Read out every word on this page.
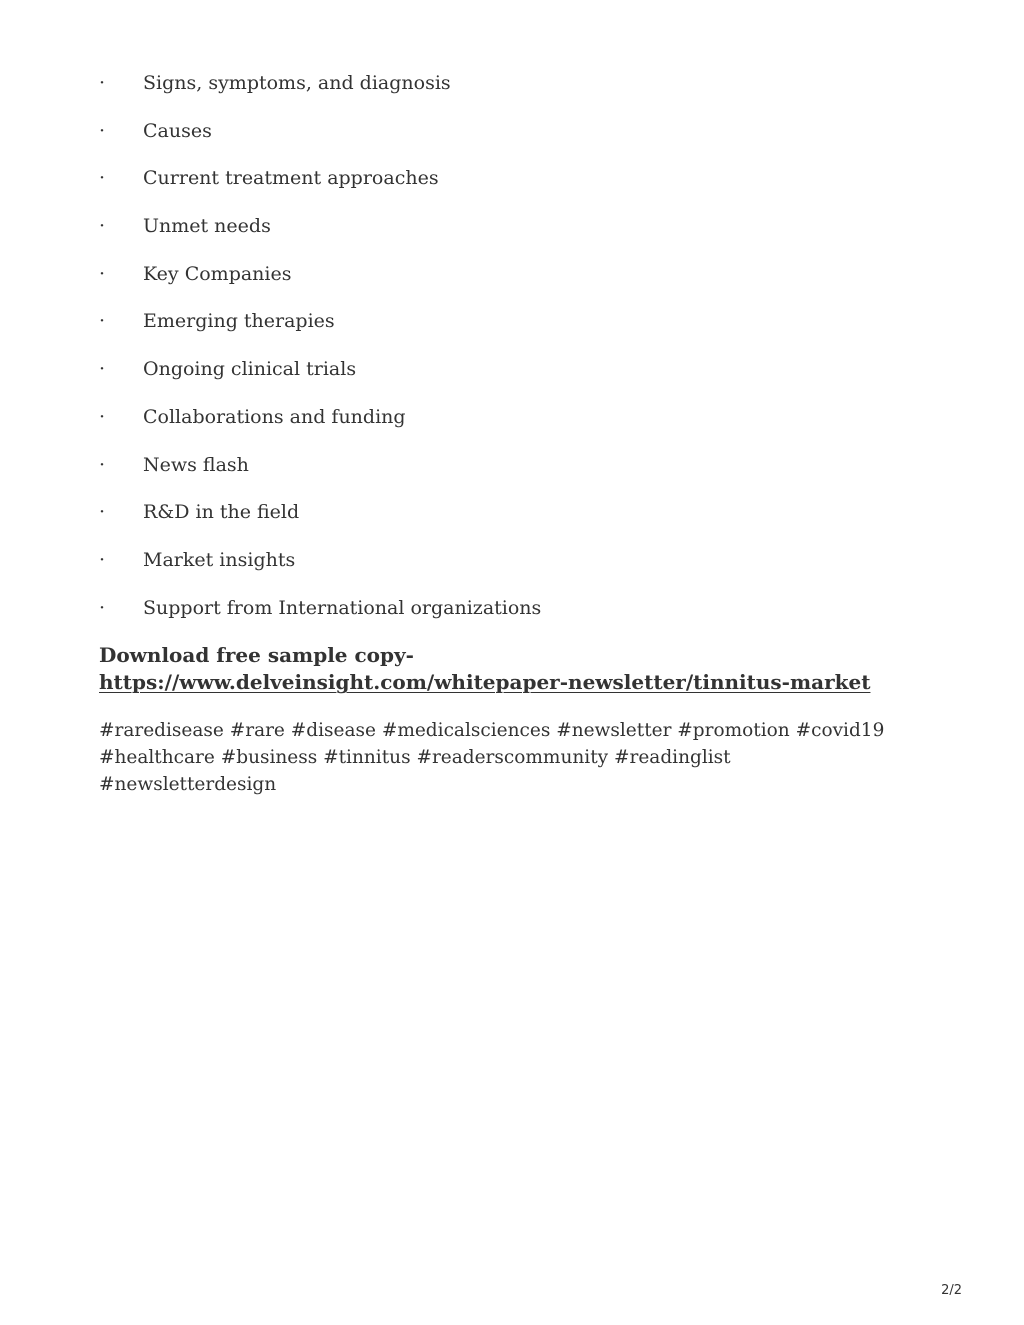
· Signs, symptoms, and diagnosis
· Causes
· Current treatment approaches
· Unmet needs
· Key Companies
· Emerging therapies
· Ongoing clinical trials
· Collaborations and funding
· News flash
· R&D in the field
· Market insights
· Support from International organizations

Download free sample copy- https://www.delveinsight.com/whitepaper-newsletter/tinnitus-market

#raredisease #rare #disease #medicalsciences #newsletter #promotion #covid19
#healthcare #business #tinnitus #readerscommunity #readinglist #newsletterdesign

2/2
